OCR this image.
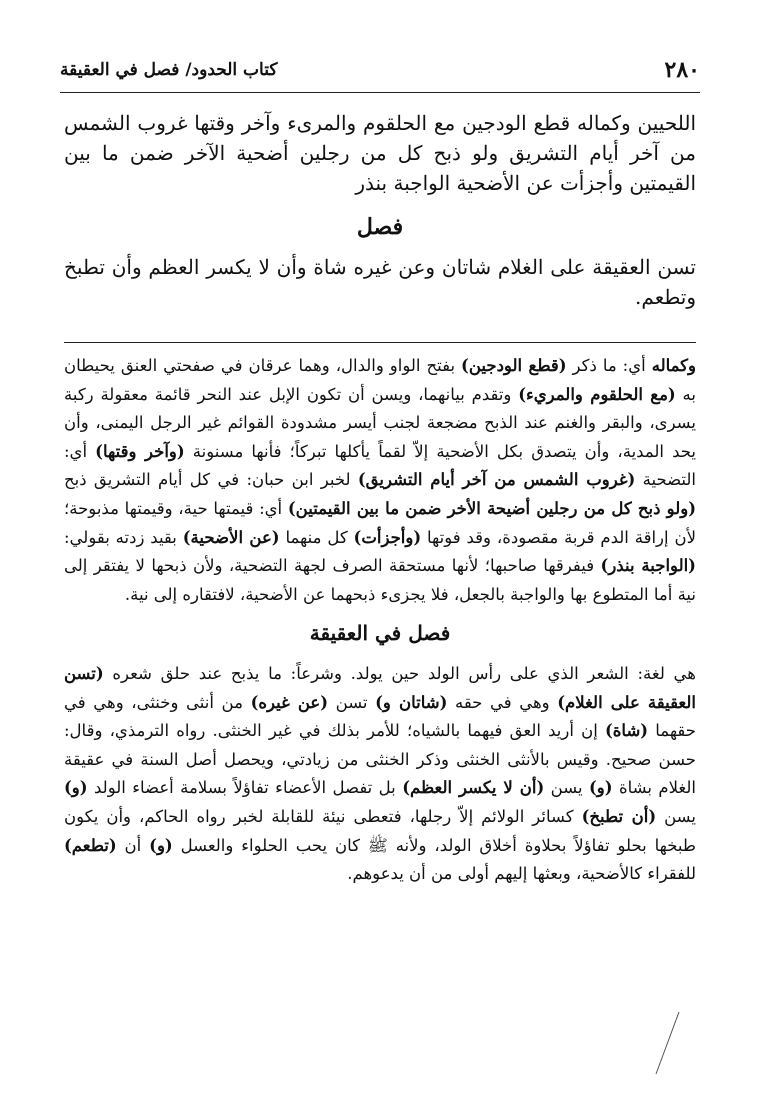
٢٨٠
كتاب الحدود/ فصل في العقيقة

اللحيين وكماله قطع الودجين مع الحلقوم والمرىء وآخر وقتها غروب الشمس من آخر أيام التشريق ولو ذبح كل من رجلين أضحية الآخر ضمن ما بين القيمتين وأجزأت عن الأضحية الواجبة بنذر

فصل

تسن العقيقة على الغلام شاتان وعن غيره شاة وأن لا يكسر العظم وأن تطبخ وتطعم.

وكماله أي: ما ذكر (قطع الودجين) بفتح الواو والدال، وهما عرقان في صفحتي العنق يحيطان به (مع الحلقوم والمريء) وتقدم بيانهما، ويسن أن تكون الإبل عند النحر قائمة معقولة ركبة يسرى، والبقر والغنم عند الذبح مضجعة لجنب أيسر مشدودة القوائم غير الرجل اليمنى، وأن يحد المدية، وأن يتصدق بكل الأضحية إلاّ لقماً يأكلها تبركاً؛ فأنها مسنونة (وآخر وقتها) أي: التضحية (غروب الشمس من آخر أيام التشريق) لخبر ابن حبان: في كل أيام التشريق ذبح (ولو ذبح كل من رجلين أضيحة الأخر ضمن ما بين القيمتين) أي: قيمتها حية، وقيمتها مذبوحة؛ لأن إراقة الدم قربة مقصودة، وقد فوتها (وأجزأت) كل منهما (عن الأضحية) بقيد زدته بقولي: (الواجبة بنذر) فيفرقها صاحبها؛ لأنها مستحقة الصرف لجهة التضحية، ولأن ذبحها لا يفتقر إلى نية أما المتطوع بها والواجبة بالجعل، فلا يجزىء ذبحهما عن الأضحية، لافتقاره إلى نية.

فصل في العقيقة

هي لغة: الشعر الذي على رأس الولد حين يولد. وشرعاً: ما يذبح عند حلق شعره (تسن العقيقة على الغلام) وهي في حقه (شاتان و) تسن (عن غيره) من أنثى وخنثى، وهي في حقهما (شاة) إن أريد العق فيهما بالشياه؛ للأمر بذلك في غير الخنثى. رواه الترمذي، وقال: حسن صحيح. وقيس بالأنثى الخنثى وذكر الخنثى من زيادتي، ويحصل أصل السنة في عقيقة الغلام بشاة (و) يسن (أن لا يكسر العظم) بل تفصل الأعضاء تفاؤلاً بسلامة أعضاء الولد (و) يسن (أن تطبخ) كسائر الولائم إلاّ رجلها، فتعطى نيئة للقابلة لخبر رواه الحاكم، وأن يكون طبخها بحلو تفاؤلاً بحلاوة أخلاق الولد، ولأنه ﷺ كان يحب الحلواء والعسل (و) أن (تطعم) للفقراء كالأضحية، وبعثها إليهم أولى من أن يدعوهم.
